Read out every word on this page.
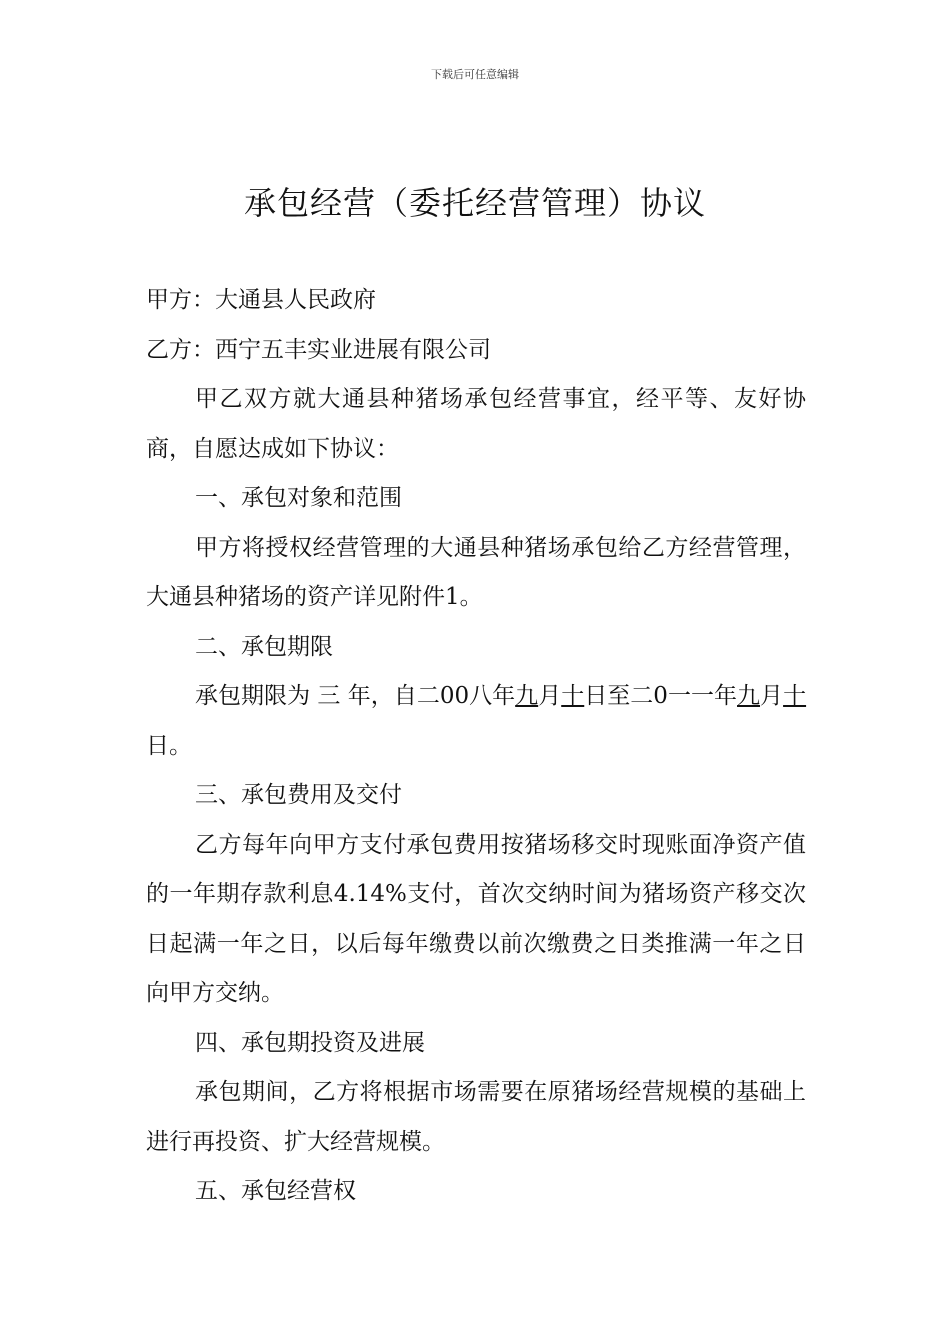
下载后可任意编辑
承包经营（委托经营管理）协议

甲方：大通县人民政府

乙方：西宁五丰实业进展有限公司

甲乙双方就大通县种猪场承包经营事宜，经平等、友好协商，自愿达成如下协议：

一、承包对象和范围

甲方将授权经营管理的大通县种猪场承包给乙方经营管理，大通县种猪场的资产详见附件1。

二、承包期限

承包期限为 三 年，自二00八年九月十日至二0一一年九月十日。

三、承包费用及交付

乙方每年向甲方支付承包费用按猪场移交时现账面净资产值的一年期存款利息4.14%支付，首次交纳时间为猪场资产移交次日起满一年之日，以后每年缴费以前次缴费之日类推满一年之日向甲方交纳。

四、承包期投资及进展

承包期间，乙方将根据市场需要在原猪场经营规模的基础上进行再投资、扩大经营规模。

五、承包经营权
